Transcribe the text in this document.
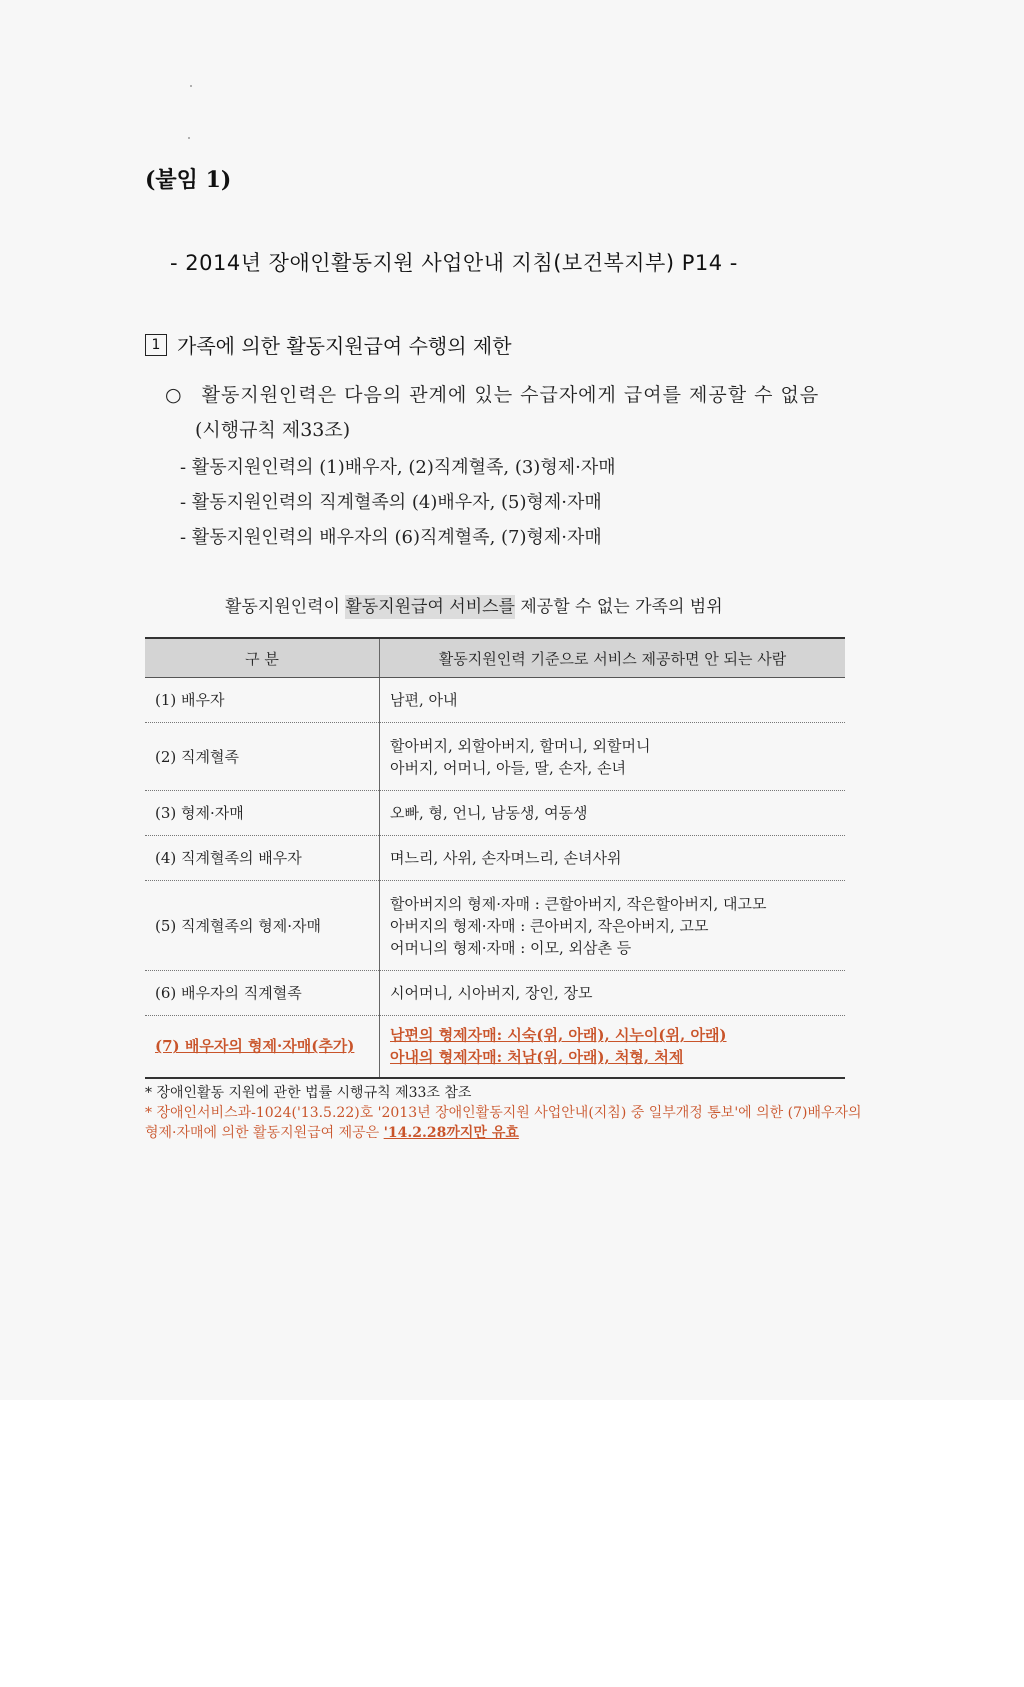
(붙임 1)
- 2014년 장애인활동지원 사업안내 지침(보건복지부) P14 -
1 가족에 의한 활동지원급여 수행의 제한
○ 활동지원인력은 다음의 관계에 있는 수급자에게 급여를 제공할 수 없음
(시행규칙 제33조)
- 활동지원인력의 (1)배우자, (2)직계혈족, (3)형제·자매
- 활동지원인력의 직계혈족의 (4)배우자, (5)형제·자매
- 활동지원인력의 배우자의 (6)직계혈족, (7)형제·자매
활동지원인력이 활동지원급여 서비스를 제공할 수 없는 가족의 범위
구 분	활동지원인력 기준으로 서비스 제공하면 안 되는 사람
(1) 배우자	남편, 아내

(2) 직계혈족	할아버지, 외할아버지, 할머니, 외할머니
아버지, 어머니, 아들, 딸, 손자, 손녀

(3) 형제·자매	오빠, 형, 언니, 남동생, 여동생

(4) 직계혈족의 배우자	며느리, 사위, 손자며느리, 손녀사위

(5) 직계혈족의 형제·자매	할아버지의 형제·자매 : 큰할아버지, 작은할아버지, 대고모
아버지의 형제·자매 : 큰아버지, 작은아버지, 고모
어머니의 형제·자매 : 이모, 외삼촌 등

(6) 배우자의 직계혈족	시어머니, 시아버지, 장인, 장모

(7) 배우자의 형제·자매(추가)	남편의 형제자매: 시숙(위, 아래), 시누이(위, 아래)
아내의 형제자매: 처남(위, 아래), 처형, 처제
* 장애인활동 지원에 관한 법률 시행규칙 제33조 참조
* 장애인서비스과-1024('13.5.22)호 '2013년 장애인활동지원 사업안내(지침) 중 일부개정 통보'에 의한 (7)배우자의 형제·자매에 의한 활동지원급여 제공은 '14.2.28까지만 유효
